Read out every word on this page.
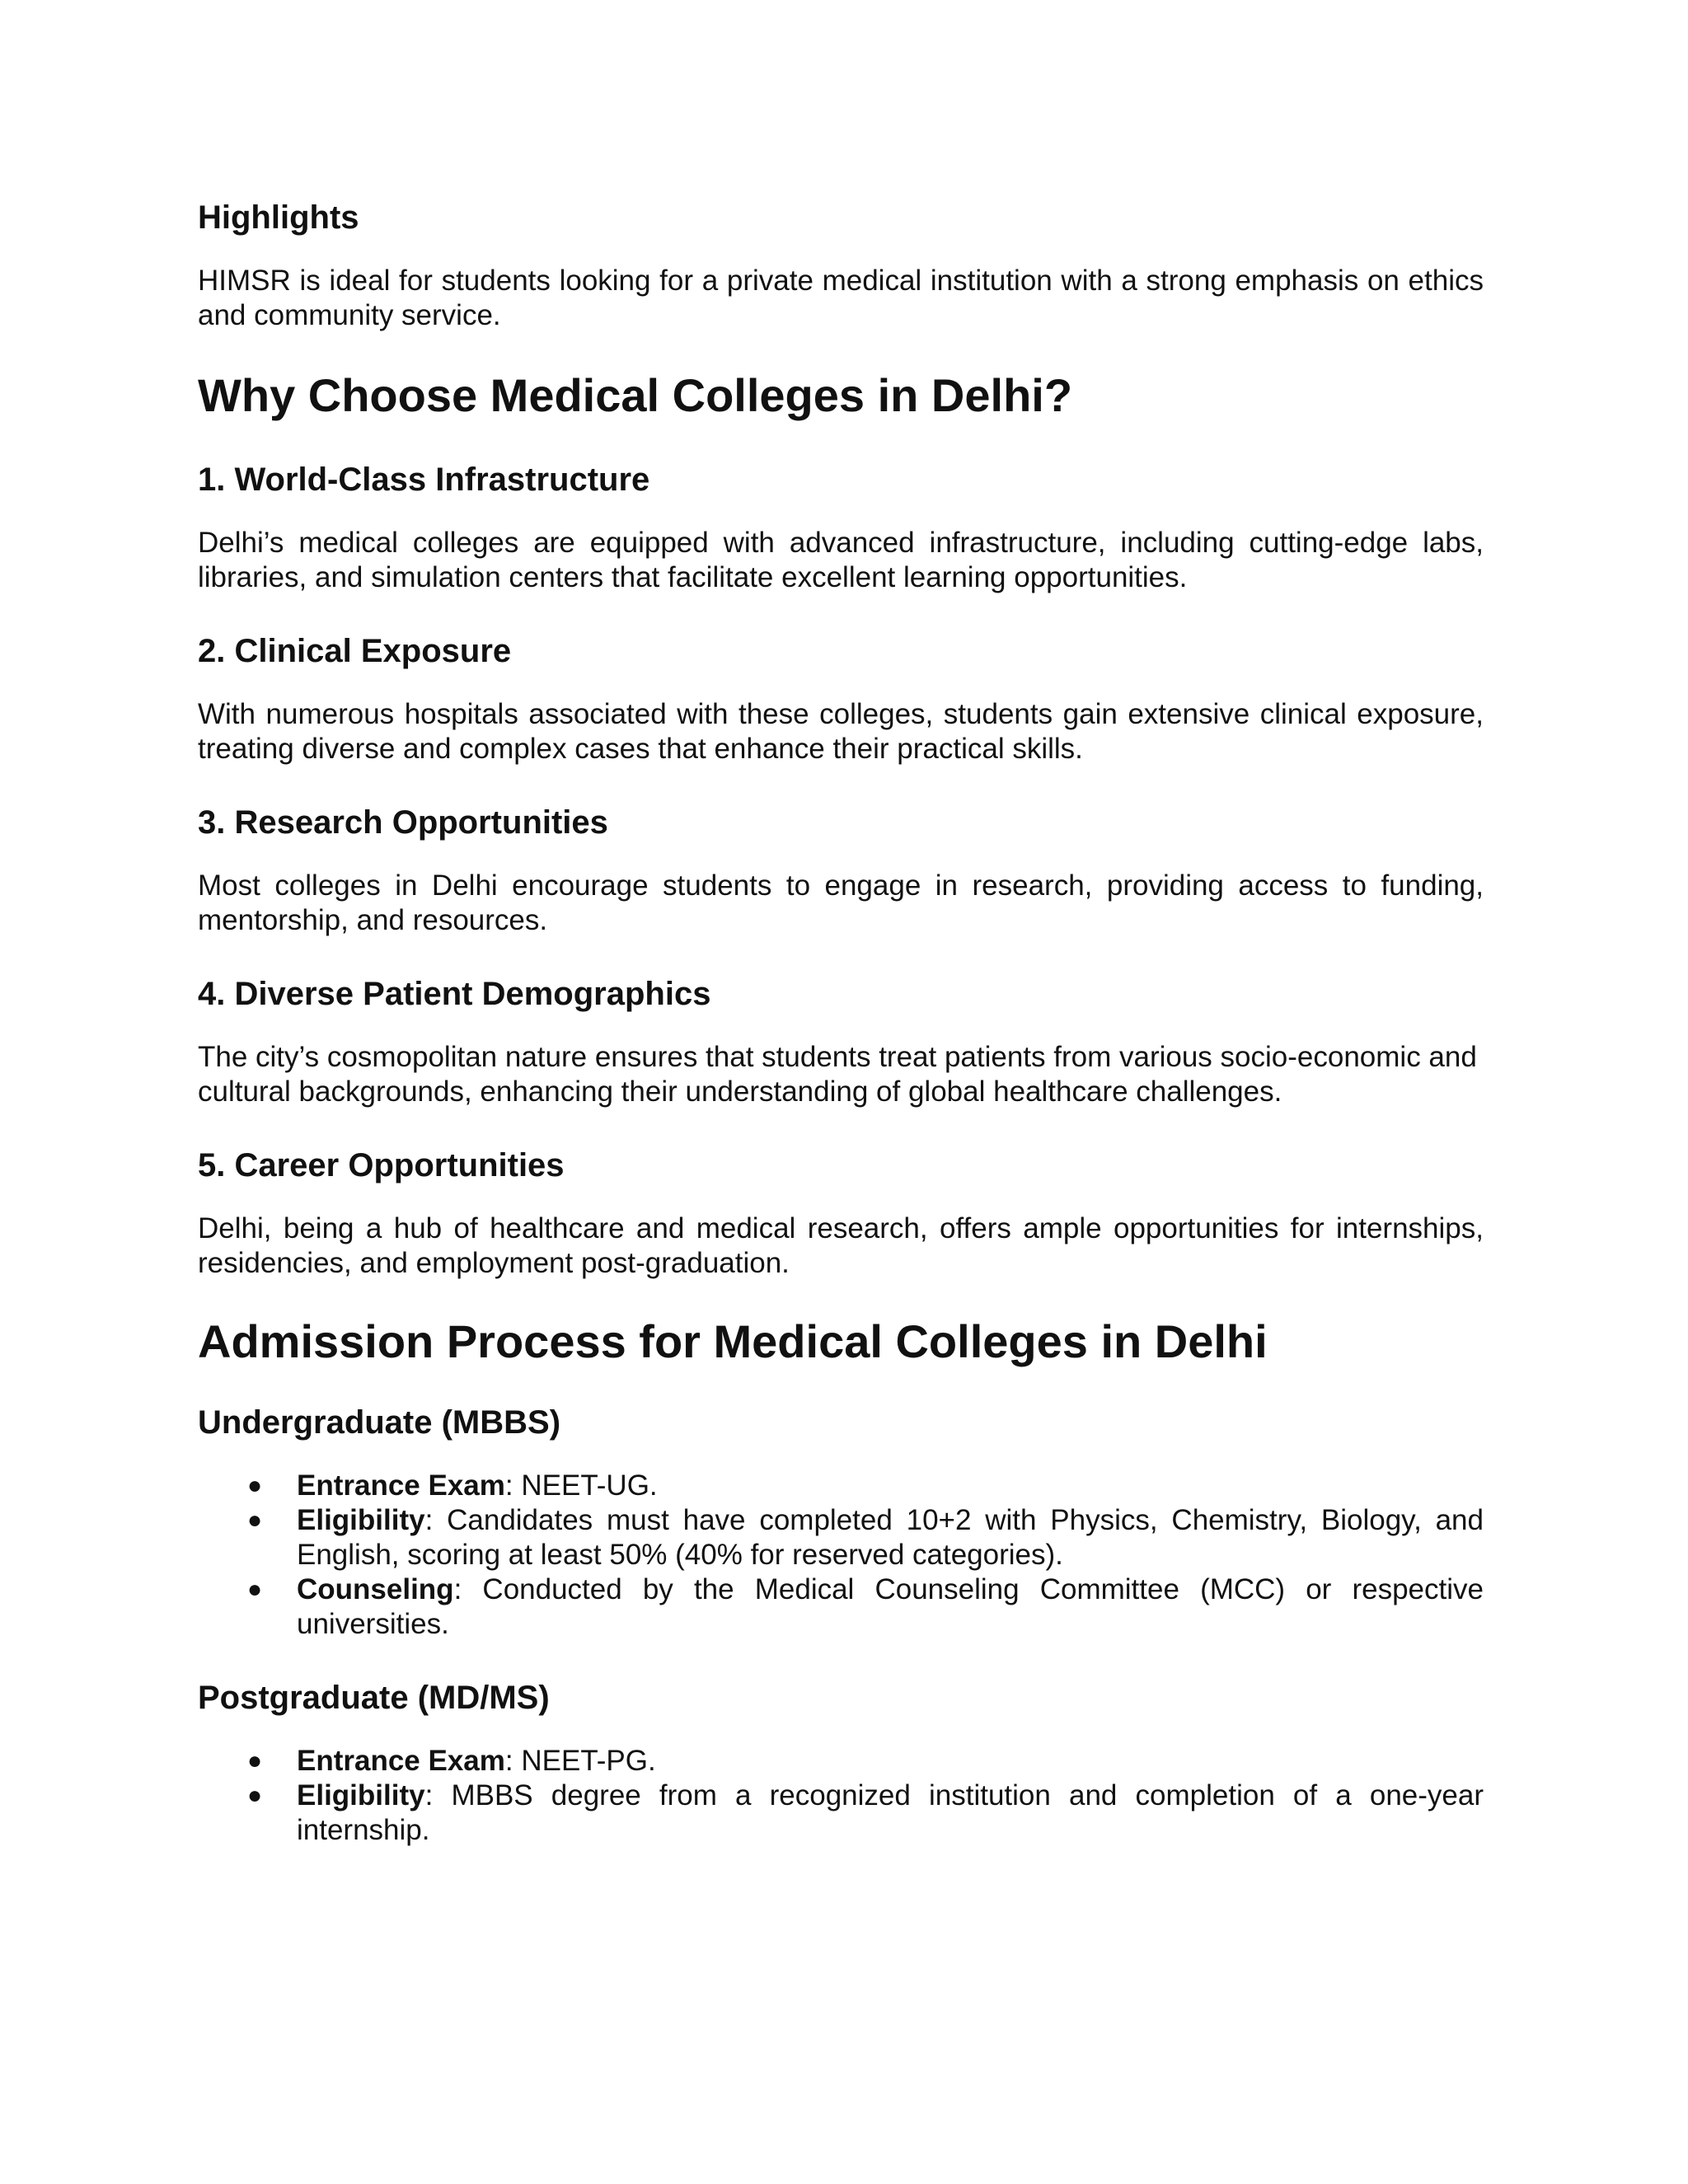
Highlights

HIMSR is ideal for students looking for a private medical institution with a strong emphasis on ethics and community service.

Why Choose Medical Colleges in Delhi?
1. World-Class Infrastructure

Delhi’s medical colleges are equipped with advanced infrastructure, including cutting-edge labs, libraries, and simulation centers that facilitate excellent learning opportunities.

2. Clinical Exposure

With numerous hospitals associated with these colleges, students gain extensive clinical exposure, treating diverse and complex cases that enhance their practical skills.

3. Research Opportunities

Most colleges in Delhi encourage students to engage in research, providing access to funding, mentorship, and resources.

4. Diverse Patient Demographics

The city’s cosmopolitan nature ensures that students treat patients from various socio-economic and cultural backgrounds, enhancing their understanding of global healthcare challenges.

5. Career Opportunities

Delhi, being a hub of healthcare and medical research, offers ample opportunities for internships, residencies, and employment post-graduation.

Admission Process for Medical Colleges in Delhi
Undergraduate (MBBS)
● Entrance Exam: NEET-UG.
● Eligibility: Candidates must have completed 10+2 with Physics, Chemistry, Biology, and English, scoring at least 50% (40% for reserved categories).
● Counseling: Conducted by the Medical Counseling Committee (MCC) or respective universities.
Postgraduate (MD/MS)
● Entrance Exam: NEET-PG.
● Eligibility: MBBS degree from a recognized institution and completion of a one-year internship.
